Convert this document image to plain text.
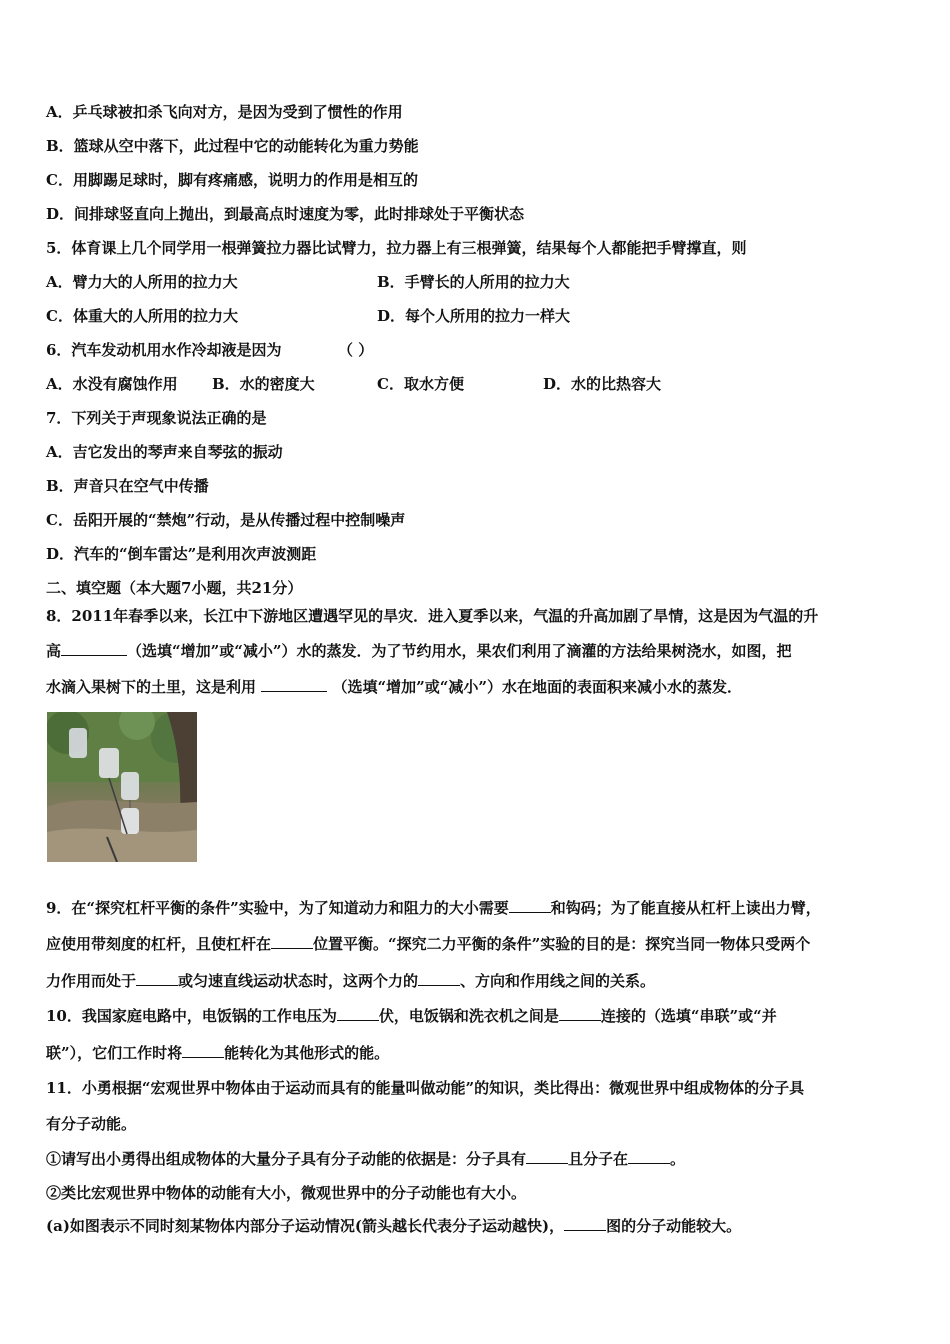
A．乒乓球被扣杀飞向对方，是因为受到了惯性的作用
B．篮球从空中落下，此过程中它的动能转化为重力势能
C．用脚踢足球时，脚有疼痛感，说明力的作用是相互的
D．间排球竖直向上抛出，到最高点时速度为零，此时排球处于平衡状态
5．体育课上几个同学用一根弹簧拉力器比试臂力，拉力器上有三根弹簧，结果每个人都能把手臂撑直，则
A．臂力大的人所用的拉力大	B．手臂长的人所用的拉力大
C．体重大的人所用的拉力大	D．每个人所用的拉力一样大
6．汽车发动机用水作冷却液是因为	（ ）
A．水没有腐蚀作用 B．水的密度大	C．取水方便	D．水的比热容大
7．下列关于声现象说法正确的是
A．吉它发出的琴声来自琴弦的振动
B．声音只在空气中传播
C．岳阳开展的“禁炮”行动，是从传播过程中控制噪声
D．汽车的“倒车雷达”是利用次声波测距
二、填空题（本大题7小题，共21分）
8．2011年春季以来，长江中下游地区遭遇罕见的旱灾．进入夏季以来，气温的升高加剧了旱情，这是因为气温的升
高	（选填“增加”或“减小”）水的蒸发．为了节约用水，果农们利用了滴灌的方法给果树浇水，如图，把
水滴入果树下的土里，这是利用	（选填“增加”或“减小”）水在地面的表面积来减小水的蒸发．
9．在“探究杠杆平衡的条件”实验中，为了知道动力和阻力的大小需要	和钩码；为了能直接从杠杆上读出力臂，
应使用带刻度的杠杆，且使杠杆在	位置平衡。“探究二力平衡的条件”实验的目的是：探究当同一物体只受两个
力作用而处于	或匀速直线运动状态时，这两个力的	、方向和作用线之间的关系。
10．我国家庭电路中，电饭锅的工作电压为	伏，电饭锅和洗衣机之间是	连接的（选填“串联”或“并
联”），它们工作时将	能转化为其他形式的能。
11．小勇根据“宏观世界中物体由于运动而具有的能量叫做动能”的知识，类比得出：微观世界中组成物体的分子具
有分子动能。
①请写出小勇得出组成物体的大量分子具有分子动能的依据是：分子具有	且分子在	。
②类比宏观世界中物体的动能有大小，微观世界中的分子动能也有大小。
(a)如图表示不同时刻某物体内部分子运动情况(箭头越长代表分子运动越快)，	图的分子动能较大。
